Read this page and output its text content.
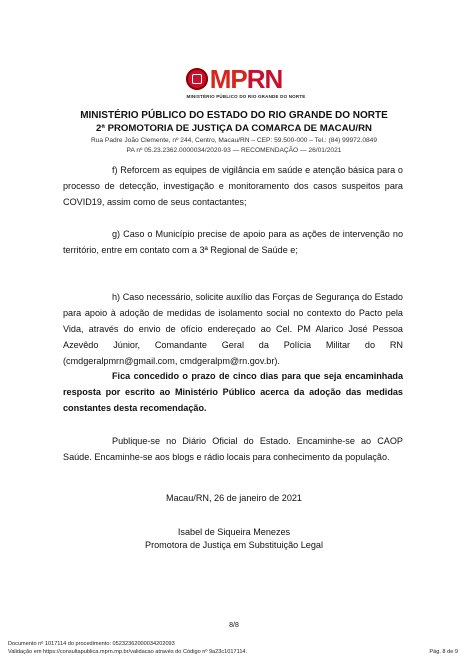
MPRN
MINISTÉRIO PÚBLICO DO RIO GRANDE DO NORTE
MINISTÉRIO PÚBLICO DO ESTADO DO RIO GRANDE DO NORTE
2ª PROMOTORIA DE JUSTIÇA DA COMARCA DE MACAU/RN
Rua Padre João Clemente, nº 244, Centro, Macau/RN – CEP: 59.500-000 – Tel.: (84) 99972.0849
PA nº 05.23.2362.0000034/2020-93 — RECOMENDAÇÃO — 26/01/2021
f) Reforcem as equipes de vigilância em saúde e atenção básica para o processo de detecção, investigação e monitoramento dos casos suspeitos para COVID19, assim como de seus contactantes;
g) Caso o Município precise de apoio para as ações de intervenção no território, entre em contato com a 3ª Regional de Saúde e;
h) Caso necessário, solicite auxílio das Forças de Segurança do Estado para apoio à adoção de medidas de isolamento social no contexto do Pacto pela Vida, através do envio de ofício endereçado ao Cel. PM Alarico José Pessoa Azevêdo Júnior, Comandante Geral da Polícia Militar do RN (cmdgeralpmrn@gmail.com, cmdgeralpm@rn.gov.br).
Fica concedido o prazo de cinco dias para que seja encaminhada resposta por escrito ao Ministério Público acerca da adoção das medidas constantes desta recomendação.
Publique-se no Diário Oficial do Estado. Encaminhe-se ao CAOP Saúde. Encaminhe-se aos blogs e rádio locais para conhecimento da população.
Macau/RN, 26 de janeiro de 2021
Isabel de Siqueira Menezes
Promotora de Justiça em Substituição Legal
8/8
Documento nº 1017114 do procedimento: 05232362000034202093
Validação em https://consultapublica.mprn.mp.br/validacao através do Código nº 9a23c1017114.	Pág. 8 de 9
